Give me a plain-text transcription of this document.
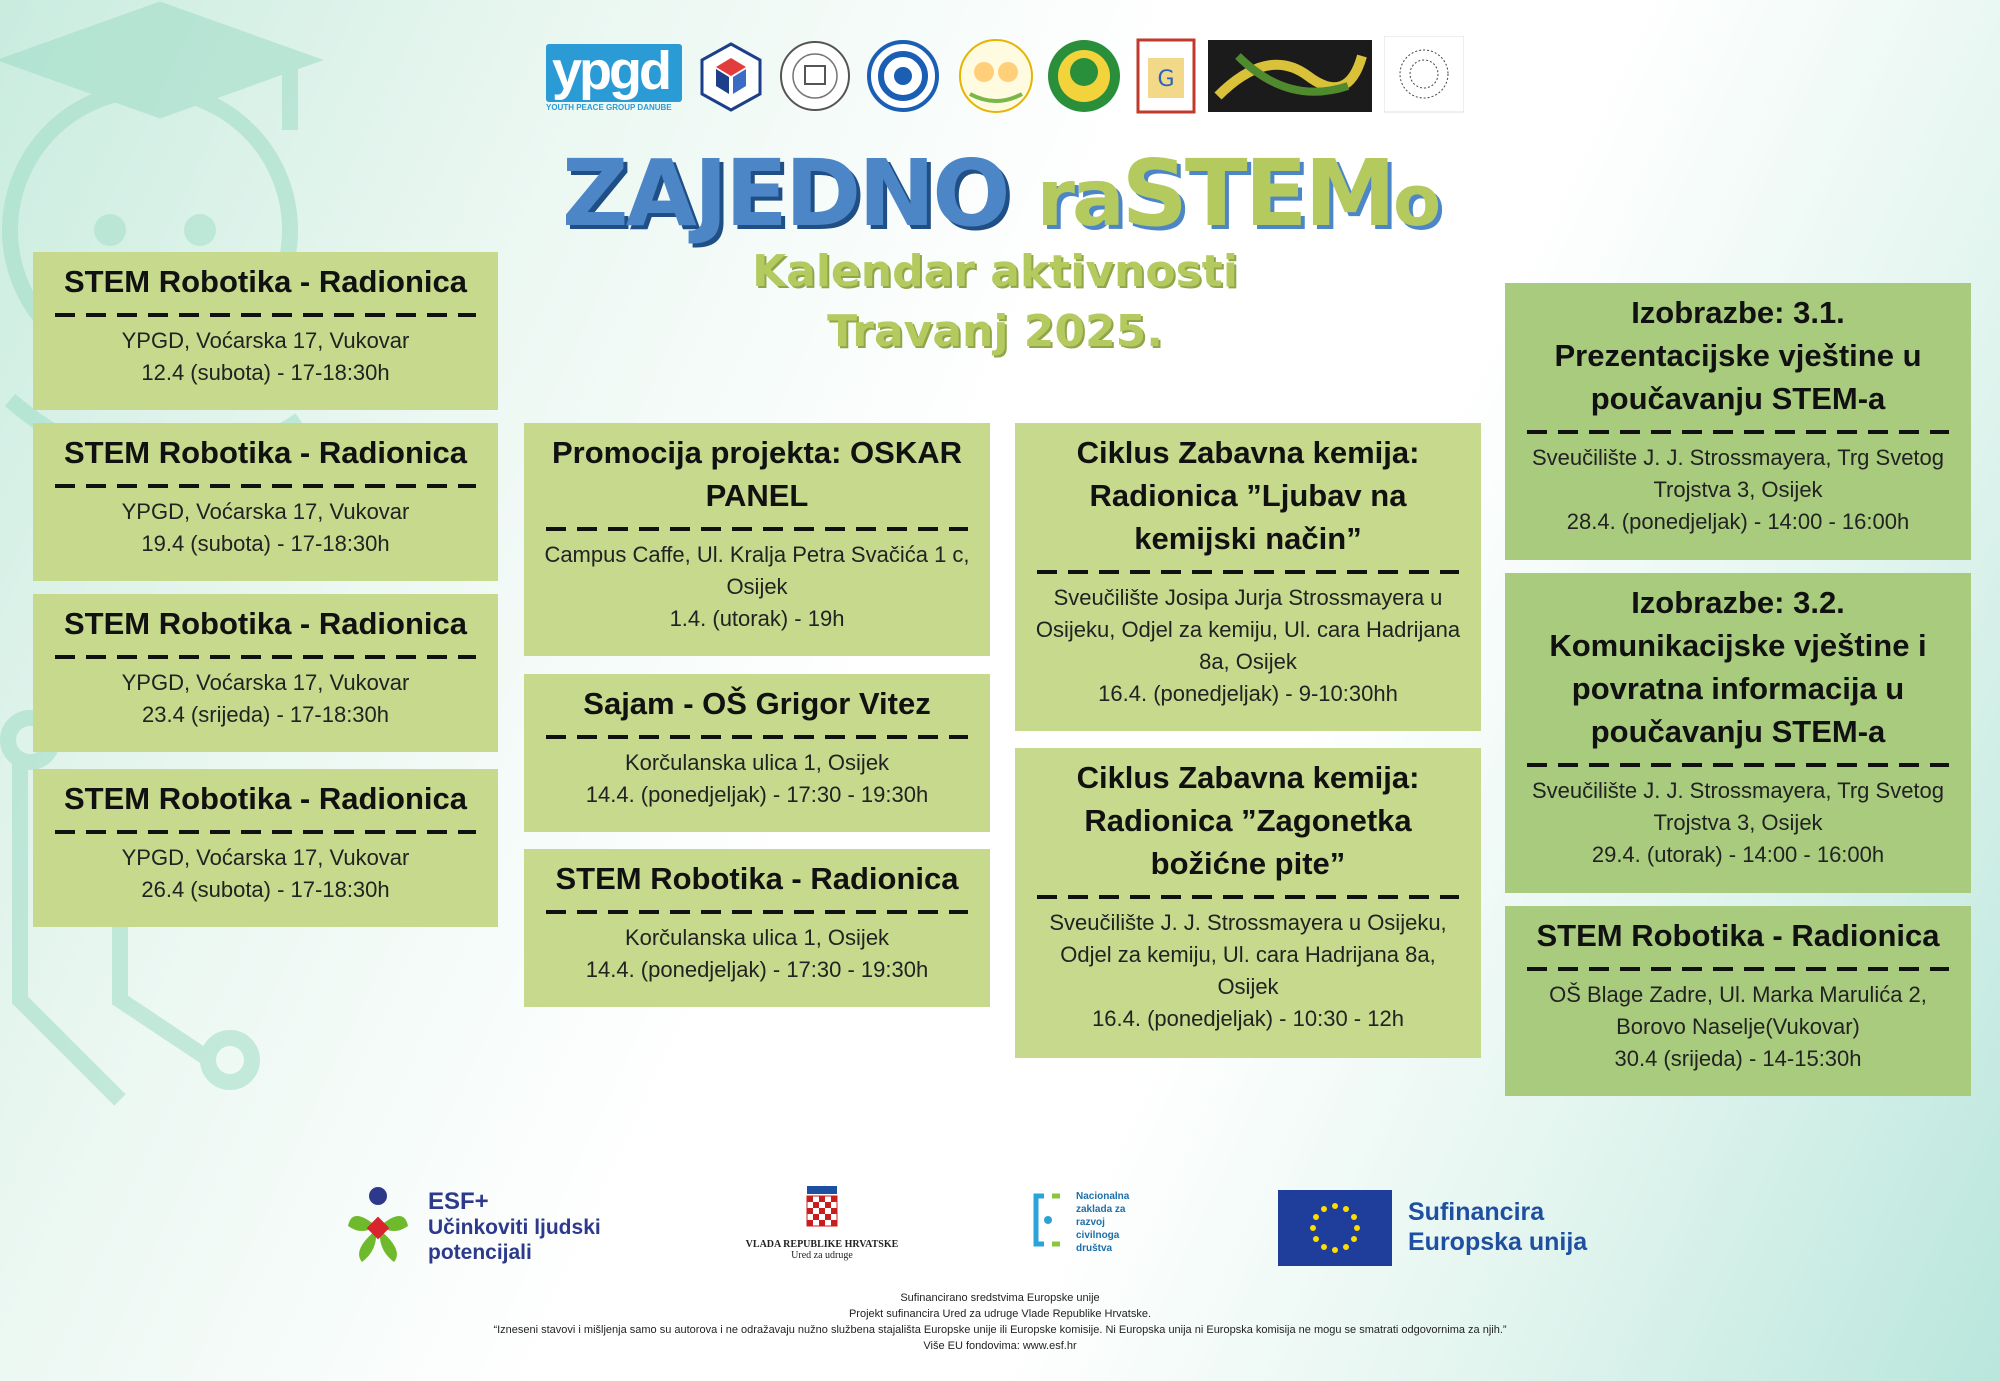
ypgd
YOUTH PEACE GROUP DANUBE
G
ZAJEDNO raSTEMo
Kalendar aktivnosti
Travanj 2025.
STEM Robotika - Radionica
YPGD, Voćarska 17, Vukovar
12.4 (subota) - 17-18:30h
STEM Robotika - Radionica
YPGD, Voćarska 17, Vukovar
19.4 (subota) - 17-18:30h
STEM Robotika - Radionica
YPGD, Voćarska 17, Vukovar
23.4 (srijeda) - 17-18:30h
STEM Robotika - Radionica
YPGD, Voćarska 17, Vukovar
26.4 (subota) - 17-18:30h
Promocija projekta: OSKAR
PANEL
Campus Caffe, Ul. Kralja Petra Svačića 1 c,
Osijek
1.4. (utorak) - 19h
Sajam - OŠ Grigor Vitez
Korčulanska ulica 1, Osijek
14.4. (ponedjeljak) - 17:30 - 19:30h
STEM Robotika - Radionica
Korčulanska ulica 1, Osijek
14.4. (ponedjeljak) - 17:30 - 19:30h
Ciklus Zabavna kemija:
Radionica ”Ljubav na
kemijski način”
Sveučilište Josipa Jurja Strossmayera u
Osijeku, Odjel za kemiju, Ul. cara Hadrijana
8a, Osijek
16.4. (ponedjeljak) - 9-10:30hh
Ciklus Zabavna kemija:
Radionica ”Zagonetka
božićne pite”
Sveučilište J. J. Strossmayera u Osijeku,
Odjel za kemiju, Ul. cara Hadrijana 8a,
Osijek
16.4. (ponedjeljak) - 10:30 - 12h
Izobrazbe: 3.1.
Prezentacijske vještine u
poučavanju STEM-a
Sveučilište J. J. Strossmayera, Trg Svetog
Trojstva 3, Osijek
28.4. (ponedjeljak) - 14:00 - 16:00h
Izobrazbe: 3.2.
Komunikacijske vještine i
povratna informacija u
poučavanju STEM-a
Sveučilište J. J. Strossmayera, Trg Svetog
Trojstva 3, Osijek
29.4. (utorak) - 14:00 - 16:00h
STEM Robotika - Radionica
OŠ Blage Zadre, Ul. Marka Marulića 2,
Borovo Naselje(Vukovar)
30.4 (srijeda) - 14-15:30h
ESF+
Učinkoviti ljudski
potencijali	VLADA REPUBLIKE HRVATSKE
Ured za udruge
Nacionalna
zaklada za
razvoj
civilnoga
društva
Sufinancira
Europska unija
Sufinancirano sredstvima Europske unije
Projekt sufinancira Ured za udruge Vlade Republike Hrvatske.
“Izneseni stavovi i mišljenja samo su autorova i ne odražavaju nužno službena stajališta Europske unije ili Europske komisije. Ni Europska unija ni Europska komisija ne mogu se smatrati odgovornima za njih.”
Više EU fondovima: www.esf.hr
